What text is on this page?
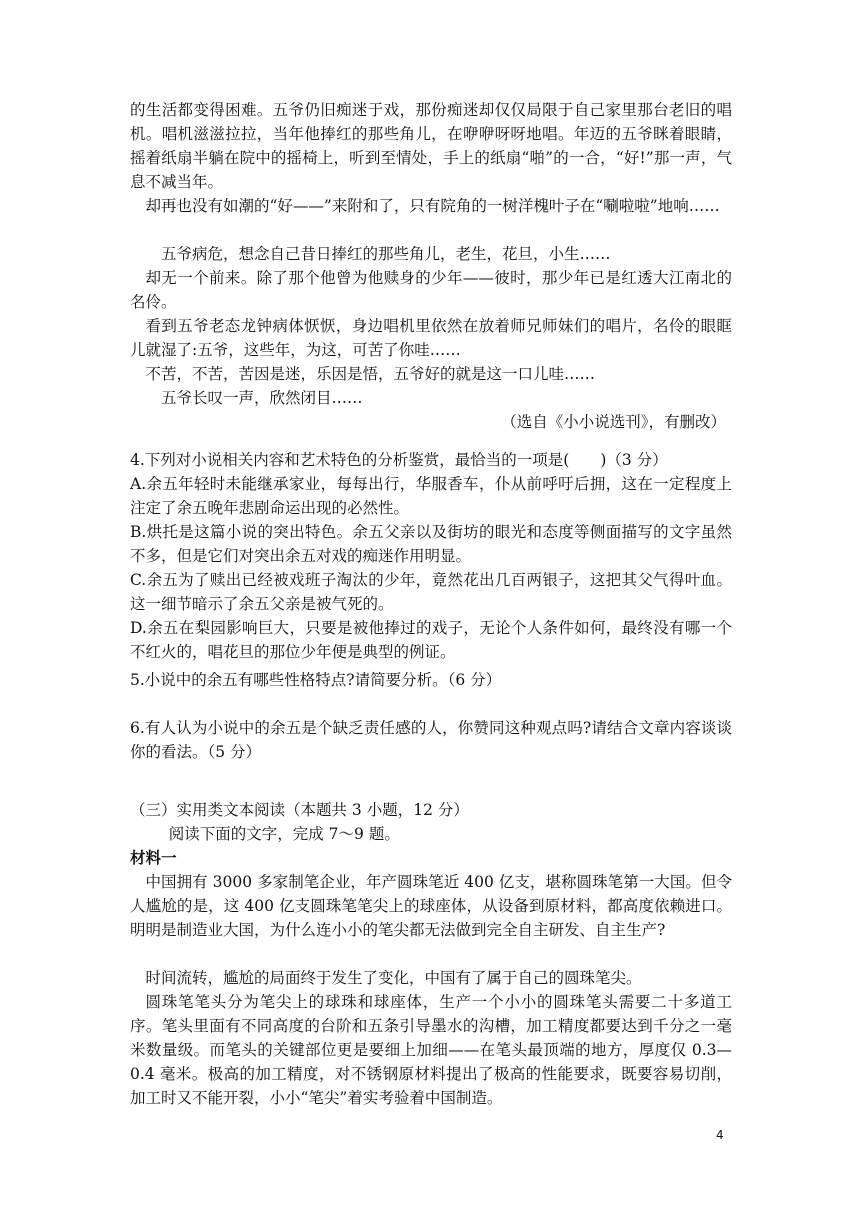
的生活都变得困难。五爷仍旧痴迷于戏，那份痴迷却仅仅局限于自己家里那台老旧的唱机。唱机滋滋拉拉，当年他捧红的那些角儿，在咿咿呀呀地唱。年迈的五爷眯着眼睛，摇着纸扇半躺在院中的摇椅上，听到至情处，手上的纸扇“啪”的一合，“好!”那一声，气息不减当年。

却再也没有如潮的“好——”来附和了，只有院角的一树洋槐叶子在“唰啦啦”地响……

五爷病危，想念自己昔日捧红的那些角儿，老生，花旦，小生……

却无一个前来。除了那个他曾为他赎身的少年——彼时，那少年已是红透大江南北的名伶。

看到五爷老态龙钟病体恹恹，身边唱机里依然在放着师兄师妹们的唱片，名伶的眼眶儿就湿了:五爷，这些年，为这，可苦了你哇……

不苦，不苦，苦因是迷，乐因是悟，五爷好的就是这一口儿哇……

五爷长叹一声，欣然闭目……

（选自《小小说选刊》，有删改）

4.下列对小说相关内容和艺术特色的分析鉴赏，最恰当的一项是(　　)（3 分）

A.余五年轻时未能继承家业，每每出行，华服香车，仆从前呼吁后拥，这在一定程度上注定了余五晚年悲剧命运出现的必然性。

B.烘托是这篇小说的突出特色。余五父亲以及街坊的眼光和态度等侧面描写的文字虽然不多，但是它们对突出余五对戏的痴迷作用明显。

C.余五为了赎出已经被戏班子淘汰的少年，竟然花出几百两银子，这把其父气得叶血。这一细节暗示了余五父亲是被气死的。

D.余五在梨园影响巨大，只要是被他捧过的戏子，无论个人条件如何，最终没有哪一个不红火的，唱花旦的那位少年便是典型的例证。

5.小说中的余五有哪些性格特点?请简要分析。（6 分）

6.有人认为小说中的余五是个缺乏责任感的人，你赞同这种观点吗?请结合文章内容谈谈你的看法。（5 分）

（三）实用类文本阅读（本题共 3 小题，12 分）

阅读下面的文字，完成 7～9 题。

材料一

中国拥有 3000 多家制笔企业，年产圆珠笔近 400 亿支，堪称圆珠笔第一大国。但令人尴尬的是，这 400 亿支圆珠笔笔尖上的球座体，从设备到原材料，都高度依赖进口。明明是制造业大国，为什么连小小的笔尖都无法做到完全自主研发、自主生产?

时间流转，尴尬的局面终于发生了变化，中国有了属于自己的圆珠笔尖。

圆珠笔笔头分为笔尖上的球珠和球座体，生产一个小小的圆珠笔头需要二十多道工序。笔头里面有不同高度的台阶和五条引导墨水的沟槽，加工精度都要达到千分之一毫米数量级。而笔头的关键部位更是要细上加细——在笔头最顶端的地方，厚度仅 0.3—0.4 毫米。极高的加工精度，对不锈钢原材料提出了极高的性能要求，既要容易切削，加工时又不能开裂，小小“笔尖”着实考验着中国制造。

4
